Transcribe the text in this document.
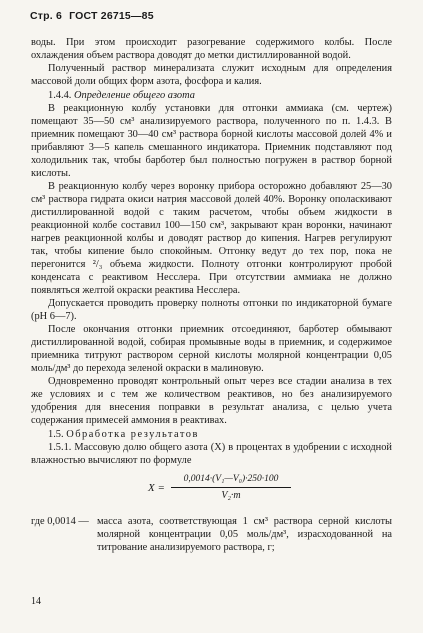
Стр. 6 ГОСТ 26715—85

воды. При этом происходит разогревание содержимого колбы. После охлаждения объем раствора доводят до метки дистиллированной водой.

Полученный раствор минерализата служит исходным для определения массовой доли общих форм азота, фосфора и калия.

1.4.4. Определение общего азота

В реакционную колбу установки для отгонки аммиака (см. чертеж) помещают 35—50 см³ анализируемого раствора, полученного по п. 1.4.3. В приемник помещают 30—40 см³ раствора борной кислоты массовой долей 4% и прибавляют 3—5 капель смешанного индикатора. Приемник подставляют под холодильник так, чтобы барботер был полностью погружен в раствор борной кислоты.

В реакционную колбу через воронку прибора осторожно добавляют 25—30 см³ раствора гидрата окиси натрия массовой долей 40%. Воронку ополаскивают дистиллированной водой с таким расчетом, чтобы объем жидкости в реакционной колбе составил 100—150 см³, закрывают кран воронки, начинают нагрев реакционной колбы и доводят раствор до кипения. Нагрев регулируют так, чтобы кипение было спокойным. Отгонку ведут до тех пор, пока не перегонится ²/₃ объема жидкости. Полноту отгонки контролируют пробой конденсата с реактивом Несслера. При отсутствии аммиака не должно появляться желтой окраски реактива Несслера.

Допускается проводить проверку полноты отгонки по индикаторной бумаге (pH 6—7).

После окончания отгонки приемник отсоединяют, барботер обмывают дистиллированной водой, собирая промывные воды в приемник, и содержимое приемника титруют раствором серной кислоты молярной концентрации 0,05 моль/дм³ до перехода зеленой окраски в малиновую.

Одновременно проводят контрольный опыт через все стадии анализа в тех же условиях и с тем же количеством реактивов, но без анализируемого удобрения для внесения поправки в результат анализа, с целью учета содержания примесей аммония в реактивах.

1.5. Обработка результатов

1.5.1. Массовую долю общего азота (X) в процентах в удобрении с исходной влажностью вычисляют по формуле

$X = \frac{\text{0,0014·(V₁—V₀)·250·100}}{\text{V₂·m}}$
где 0,0014 — масса азота, соответствующая 1 см³ раствора серной кислоты молярной концентрации 0,05 моль/дм³, израсходованной на титрование анализируемого раствора, г;
14
